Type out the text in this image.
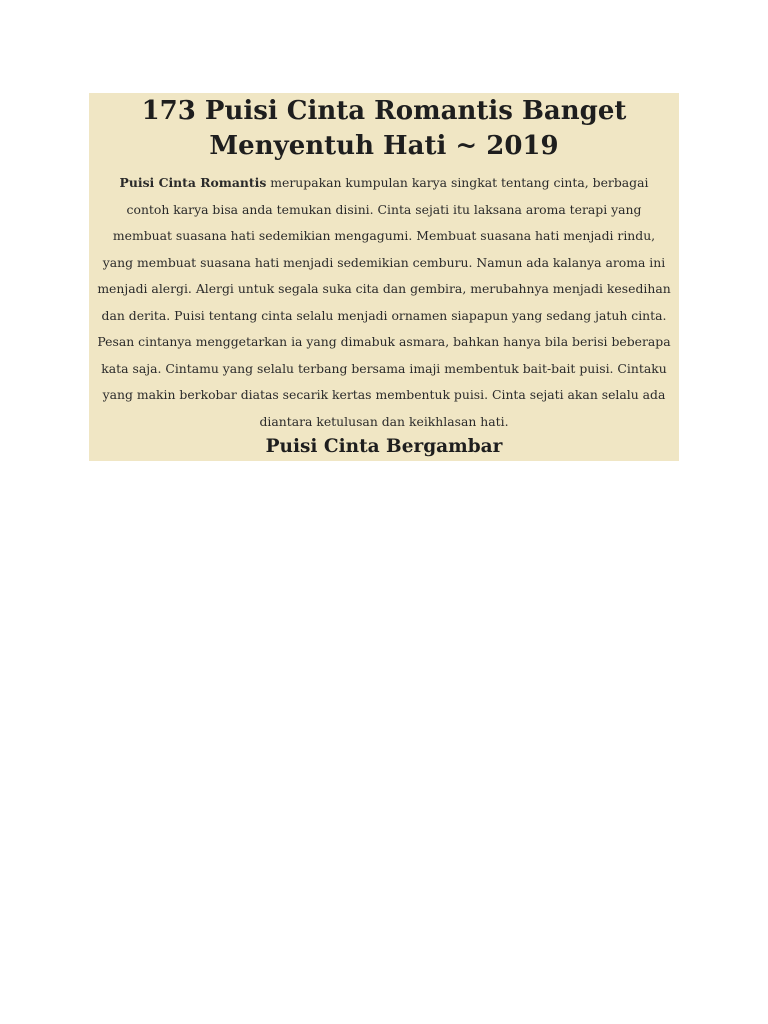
173 Puisi Cinta Romantis Banget Menyentuh Hati ~ 2019

Puisi Cinta Romantis merupakan kumpulan karya singkat tentang cinta, berbagai contoh karya bisa anda temukan disini. Cinta sejati itu laksana aroma terapi yang membuat suasana hati sedemikian mengagumi. Membuat suasana hati menjadi rindu, yang membuat suasana hati menjadi sedemikian cemburu. Namun ada kalanya aroma ini menjadi alergi. Alergi untuk segala suka cita dan gembira, merubahnya menjadi kesedihan dan derita. Puisi tentang cinta selalu menjadi ornamen siapapun yang sedang jatuh cinta. Pesan cintanya menggetarkan ia yang dimabuk asmara, bahkan hanya bila berisi beberapa kata saja. Cintamu yang selalu terbang bersama imaji membentuk bait-bait puisi. Cintaku yang makin berkobar diatas secarik kertas membentuk puisi. Cinta sejati akan selalu ada diantara ketulusan dan keikhlasan hati.

Puisi Cinta Bergambar
